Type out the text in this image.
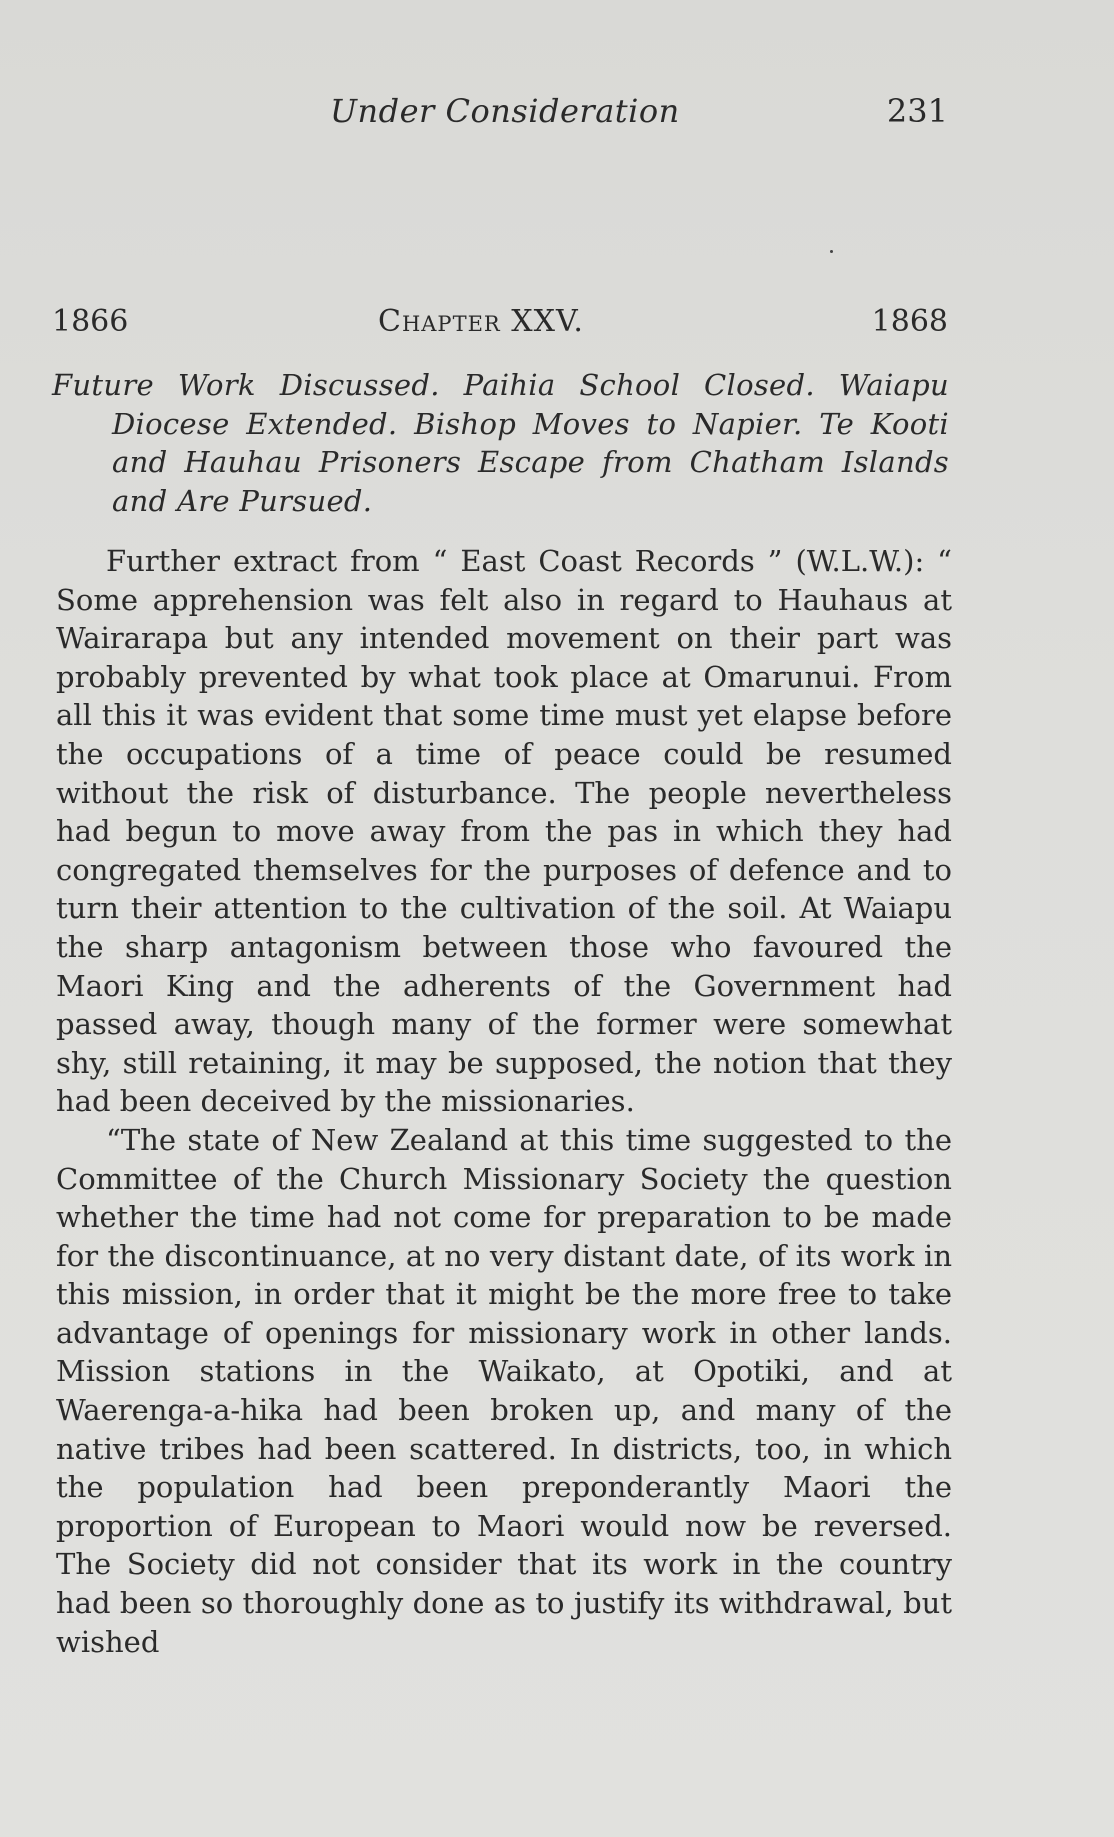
Under Consideration	231
1866	Chapter XXV.	1868
Future Work Discussed. Paihia School Closed. Waiapu Diocese Extended. Bishop Moves to Napier. Te Kooti and Hauhau Prisoners Escape from Chatham Islands and Are Pursued.

Further extract from “ East Coast Records ” (W.L.W.): “ Some apprehension was felt also in regard to Hauhaus at Wairarapa but any intended movement on their part was probably prevented by what took place at Omarunui. From all this it was evident that some time must yet elapse before the occupations of a time of peace could be resumed without the risk of disturbance. The people nevertheless had begun to move away from the pas in which they had congregated themselves for the purposes of defence and to turn their attention to the cultivation of the soil. At Waiapu the sharp antagonism between those who favoured the Maori King and the adherents of the Government had passed away, though many of the former were somewhat shy, still retaining, it may be supposed, the notion that they had been deceived by the missionaries.

“The state of New Zealand at this time suggested to the Committee of the Church Missionary Society the question whether the time had not come for preparation to be made for the discontinuance, at no very distant date, of its work in this mission, in order that it might be the more free to take advantage of openings for missionary work in other lands. Mission stations in the Waikato, at Opotiki, and at Waerenga-a-hika had been broken up, and many of the native tribes had been scattered. In districts, too, in which the population had been preponderantly Maori the proportion of European to Maori would now be reversed. The Society did not consider that its work in the country had been so thoroughly done as to justify its withdrawal, but wished
